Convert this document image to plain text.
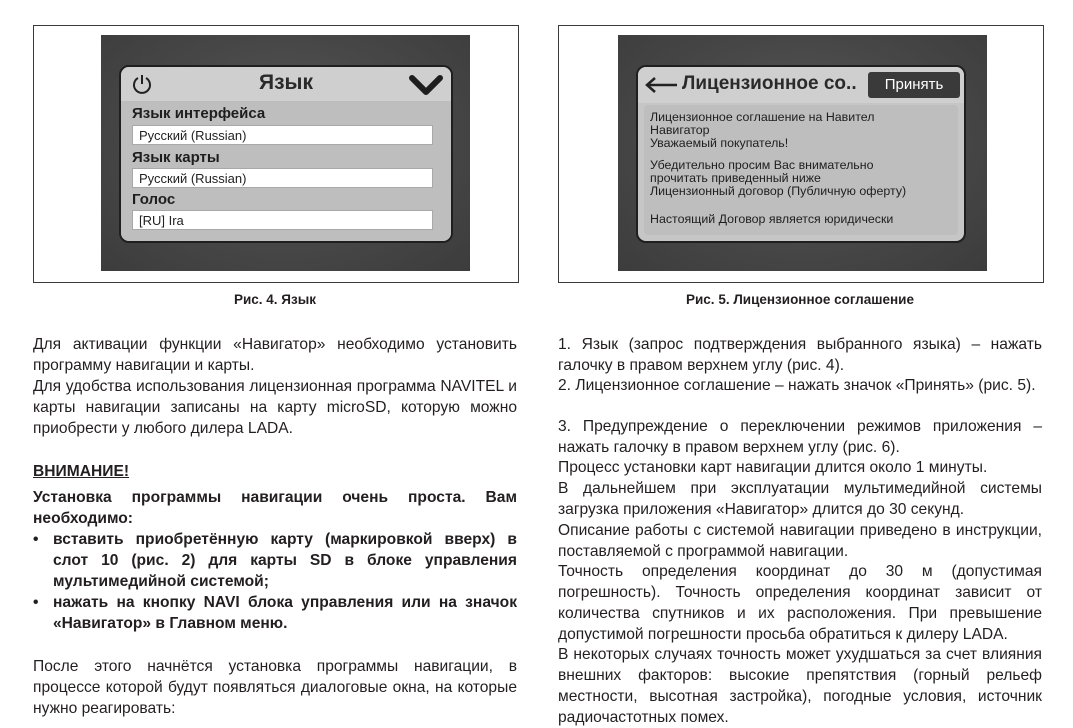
Язык
Язык интерфейса
Русский (Russian)
Язык карты
Русский (Russian)
Голос
[RU] Ira
Рис. 4. Язык
Лицензионное со..	Принять

Лицензионное соглашение на Навител
Навигатор
Уважаемый покупатель!

Убедительно просим Вас внимательно
прочитать приведенный ниже
Лицензионный договор (Публичную оферту)

Настоящий Договор является юридически

Рис. 5. Лицензионное соглашение

Для активации функции «Навигатор» необходимо установить программу навигации и карты.

Для удобства использования лицензионная программа NAVITEL и карты навигации записаны на карту microSD, которую можно приобрести у любого дилера LADA.

ВНИМАНИЕ!

Установка программы навигации очень проста. Вам необходимо:

• вставить приобретённую карту (маркировкой вверх) в слот 10 (рис. 2) для карты SD в блоке управления мультимедийной системой;
• нажать на кнопку NAVI блока управления или на значок «Навигатор» в Главном меню.

После этого начнётся установка программы навигации, в процессе которой будут появляться диалоговые окна, на которые нужно реагировать:

1. Язык (запрос подтверждения выбранного языка) – нажать галочку в правом верхнем углу (рис. 4).

2. Лицензионное соглашение – нажать значок «Принять» (рис. 5).

3. Предупреждение о переключении режимов приложения – нажать галочку в правом верхнем углу (рис. 6).

Процесс установки карт навигации длится около 1 минуты.

В дальнейшем при эксплуатации мультимедийной системы загрузка приложения «Навигатор» длится до 30 секунд.

Описание работы с системой навигации приведено в инструкции, поставляемой с программой навигации.

Точность определения координат до 30 м (допустимая погрешность). Точность определения координат зависит от количества спутников и их расположения. При превышение допустимой погрешности просьба обратиться к дилеру LADA.

В некоторых случаях точность может ухудшаться за счет влияния внешних факторов: высокие препятствия (горный рельеф местности, высотная застройка), погодные условия, источник радиочастотных помех.
